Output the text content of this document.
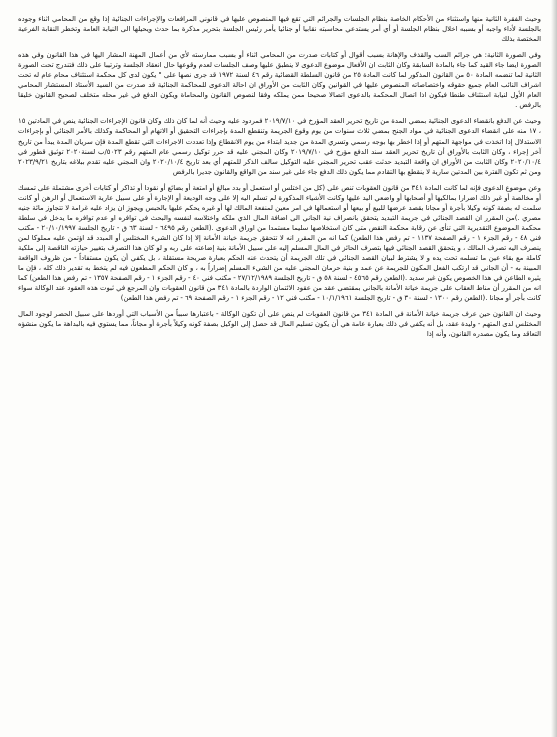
وحيث الفقرة الثانية منها واستثناء من الأحكام الخاصة بنظام الجلسات والجرائم التي تقع فيها المنصوص عليها في قانوني المرافعات والإجراءات الجنائية إذا وقع من المحامي اثناء وجوده بالجلسة لأداء واجبه أو بسببه اخلال بنظام الجلسة أو أي أمر يستدعي محاسبته نقابيا أو جنائيا يأمر رئيس الجلسة بتحرير مذكرة بما حدث ويحيلها الى النيابة العامة وتخطر النقابة الفرعية المختصة بذلك

وفي الصورة الثانية: هي جرائم السب والقذف والإهانة بسبب أقوال أو كتابات صدرت من المحامي اثناء أو بسبب ممارسته لأي من أعمال المهنة المشار اليها في هذا القانون وفي هذه الصورة ايضا جاء القيد كما جاء بالمادة السابقة وكان الثابت ان الأفعال موضوع الدعوى لا ينطبق عليها وصف الجلسات لعدم وقوعها حال انعقاد الجلسة وترتيبا على ذلك فتندرج تحت الصورة الثانية لما تنضمه المادة ٥٠ من القانون المذكور لما كانت المادة ٢٥ من قانون السلطة القضائية رقم ٤٦ لسنة ١٩٧٢ قد جرى نصها على " يكون لدى كل محكمة استئناف محام عام له تحت اشراف النائب العام جميع حقوقه واختصاصاته المنصوص عليها في القوانين وكان الثابت من الأوراق ان احالة الدعوى للمحاكمة الجنائية قد صدرت من السيد الأستاذ المستشار المحامي العام الأول لنيابة استئناف طنطا فيكون اذا اتصال المحكمة بالدعوى اتصالا صحيحا ممن يملكه وفقا لنصوص القانون والمحاماة ويكون الدفع في غير محله متخلف لصحيح القانون خليقا بالرفض .

وحيث عن الدفع بانقضاء الدعوى الجنائية بمضي المدة من تاريخ تحرير العقد المؤرخ في ٢٠١٩/٧/١٠ فمردود عليه وحيث أنه لما كان ذلك وكان قانون الإجراءات الجنائية ينص في المادتين ١٥ ، ١٧ منه على انقضاء الدعوى الجنائية في مواد الجنح بمضي ثلاث سنوات من يوم وقوع الجريمة وتنقطع المدة بإجراءات التحقيق أو الاتهام أو المحاكمة وكذلك بالأمر الجنائي أو بإجراءات الاستدلال إذا اتخذت في مواجهة المتهم أو إذا اخطر بها بوجه رسمي وتسري المدة من جديد ابتداء من يوم الانقطاع وإذا تعددت الاجراءات التي تقطع المدة فإن سريان المدة يبدأ من تاريخ آخر إجراء ، وكان الثابت بالأوراق أن تاريخ تحرير العقد سند الدفع مؤرخ في ٢٠١٩/٧/١٠ وكان المجني عليه قد حرر توكيل رسمي عام المتهم رقم ٥٠٢٣/ب لسنة٢٠٢٠ توثيق قطور في ٢٠٢٠/١٠/٤ وكان الثابت من الأوراق ان واقعة التبديد حدثت عقب تحرير المجني عليه التوكيل سالف الذكر للمتهم أي بعد تاريخ ٢٠٢٠/١٠/٤ وان المجني عليه تقدم ببلاغه بتاريخ ٢٠٢٣/٩/٢١ ومن ثم تكون الفترة بين المدتين سارية لا ينقطع بها التقادم مما يكون ذلك الدفع جاء على غير سند من الواقع والقانون جديرا بالرفض

وعن موضوع الدعوى فإنه لما كانت المادة ٣٤١ من قانون العقوبات تنص على (كل من اختلس أو استعمل أو بدد مبالغ أو امتعة أو بضائع أو نقودا أو تذاكر أو كتابات أخرى مشتملة على تمسك أو مخالصة أو غير ذلك اضرارا بمالكيها أو أصحابها أو واضعي اليد عليها وكانت الأشياء المذكورة لم تسلم اليه إلا على وجه الوديعة أو الإجارة أو على سبيل عارية الاستعمال أو الرهن أو كانت سلمت له بصفة كونه وكيلا بأجرة أو مجانا بقصد عرضها للبيع أو بيعها أو استعمالها في امر معين لمنفعة المالك لها أو غيره يحكم عليها بالحبس ويجوز ان يزاد عليه غرامة لا تتجاوز مائة جنيه مصري .)من المقرر ان القصد الجنائي في جريمة التبديد يتحقق بانصراف نية الجاني الى اضافة المال الذي ملكه واختلاسه لنفسه والبحث في توافره او عدم توافره ما يدخل في سلطة محكمة الموضوع التقديرية التي تنأى عن رقابة محكمة النقض متى كان استخلاصها سليما مستمدا من اوراق الدعوى .(الطعن رقم ٦٤٩٥ - لسنة ٦٣ ق - تاريخ الجلسة ٢٠/١٠/١٩٩٧ - مكتب فني ٤٨ - رقم الجزء ١ - رقم الصفحة ١١٣٧ - تم رفض هذا الطعن) كما انه من المقرر انه لا تتحقق جريمة خيانة الأمانة إلا إذا كان الشيء المختلس أو المبدد قد اؤتمن عليه مملوكا لمن ينصرف اليه تصرف المالك ، و يتحقق القصد الجنائي فيها بتصرف الحائز في المال المسلم إليه على سبيل الأمانة بنية إضاعته على ربه و لو كان هذا التصرف بتغيير حيازته الناقصة إلى ملكية كاملة مع بقاء عين ما تسلمه تحت يده و لا يشترط لبيان القصد الجنائي في تلك الجريمة أن يتحدث عنه الحكم بعبارة صريحة مستقلة ، بل يكفي أن يكون مستفاداً - من ظروف الواقعة المبينة به - أن الجاني قد ارتكب الفعل المكون للجريمة عن عمد و بنية حرمان المجني عليه من الشيء المسلم إضراراً به ، و كان الحكم المطعون فيه لم يتخط به تقدير ذلك كله ، فإن ما يثيره الطاعن في هذا الخصوص يكون غير سديد .(الطعن رقم ٤٥٦٥ - لسنة ٥٨ ق - تاريخ الجلسة ٢٧/١٢/١٩٨٩ - مكتب فني ٤٠ - رقم الجزء ١ - رقم الصفحة ١٣٥٧ - تم رفض هذا الطعن) كما انه من المقرر أن مناط العقاب على جريمة خيانة الأمانة بالجاني بمقتضى عقد من عقود الائتمان الواردة بالمادة ٣٤١ من قانون العقوبات وان المرجع في ثبوت هذه العقود عند الوكالة سواء كانت بأجر أو مجانا .(الطعن رقم ١٣٠٠ - لسنة ٣٠ ق - تاريخ الجلسة ١٠/١/١٩٦١ - مكتب فني ١٢ - رقم الجزء ١ - رقم الصفحة ٦٩ - تم رفض هذا الطعن)

وحيث ان القانون حين عرف جريمة خيانة الأمانة في المادة ٣٤١ من قانون العقوبات لم ينص على أن تكون الوكالة - باعتبارها سبباً من الأسباب التي أوردها على سبيل الحصر لوجود المال المختلس لدى المتهم - وليدة عقد، بل أنه يكفي في ذلك بعبارة عامة هي أن يكون تسليم المال قد حصل إلى الوكيل بصفة كونه وكيلاً بأجرة أو مجاناً، مما يستوي فيه بالبداهة ما يكون منشؤه التعاقد وما يكون مصدره القانون، وأنه إذا
